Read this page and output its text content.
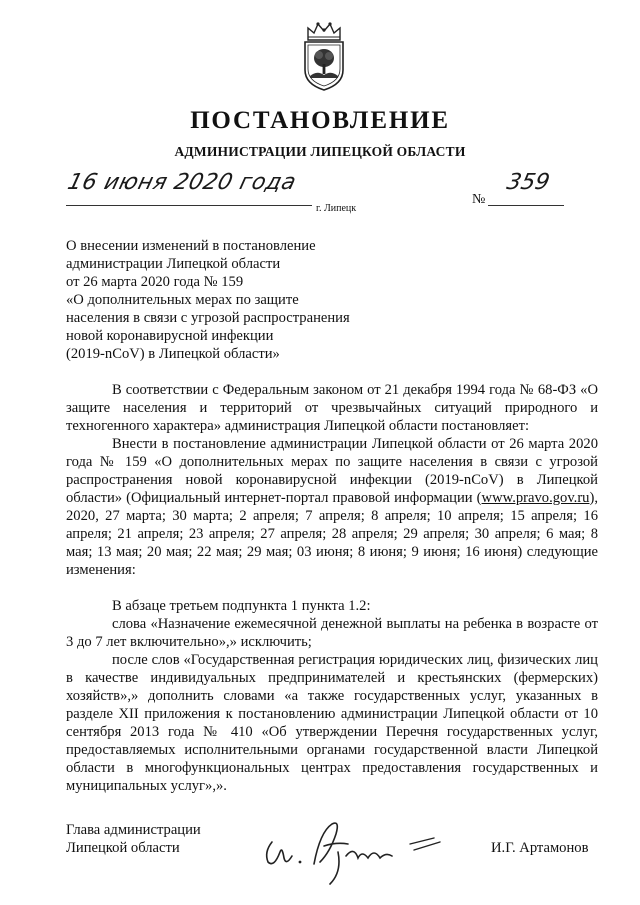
ПОСТАНОВЛЕНИЕ
АДМИНИСТРАЦИИ ЛИПЕЦКОЙ ОБЛАСТИ
16 июня 2020 года
г. Липецк
№
359
О внесении изменений в постановление
администрации Липецкой области
от 26 марта 2020 года № 159
«О дополнительных мерах по защите
населения в связи с угрозой распространения
новой коронавирусной инфекции
(2019-nCoV) в Липецкой области»

В соответствии с Федеральным законом от 21 декабря 1994 года № 68-ФЗ «О защите населения и территорий от чрезвычайных ситуаций природного и техногенного характера» администрация Липецкой области постановляет:

Внести в постановление администрации Липецкой области от 26 марта 2020 года № 159 «О дополнительных мерах по защите населения в связи с угрозой распространения новой коронавирусной инфекции (2019-nCoV) в Липецкой области» (Официальный интернет-портал правовой информации (www.pravo.gov.ru), 2020, 27 марта; 30 марта; 2 апреля; 7 апреля; 8 апреля; 10 апреля; 15 апреля; 16 апреля; 21 апреля; 23 апреля; 27 апреля; 28 апреля; 29 апреля; 30 апреля; 6 мая; 8 мая; 13 мая; 20 мая; 22 мая; 29 мая; 03 июня; 8 июня; 9 июня; 16 июня) следующие изменения:

В абзаце третьем подпункта 1 пункта 1.2:

слова «Назначение ежемесячной денежной выплаты на ребенка в возрасте от 3 до 7 лет включительно»,» исключить;

после слов «Государственная регистрация юридических лиц, физических лиц в качестве индивидуальных предпринимателей и крестьянских (фермерских) хозяйств»,» дополнить словами «а также государственных услуг, указанных в разделе XII приложения к постановлению администрации Липецкой области от 10 сентября 2013 года № 410 «Об утверждении Перечня государственных услуг, предоставляемых исполнительными органами государственной власти Липецкой области в многофункциональных центрах предоставления государственных и муниципальных услуг»,».

Глава администрации
Липецкой области	И.Г. Артамонов
